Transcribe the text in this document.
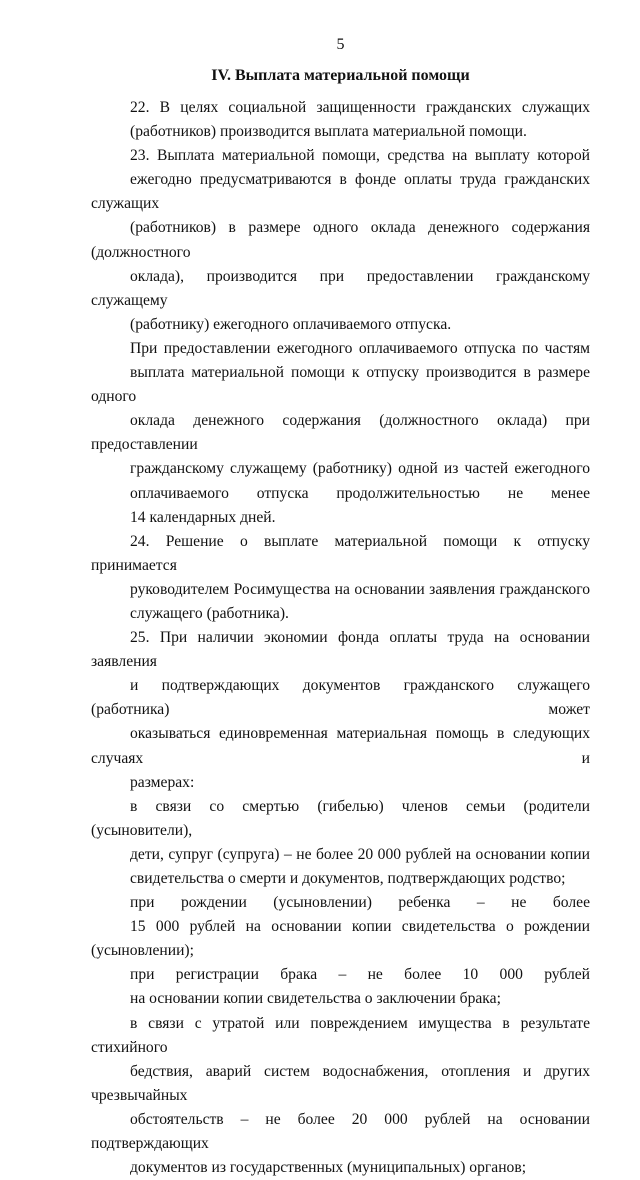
5
IV. Выплата материальной помощи
22. В целях социальной защищенности гражданских служащих
(работников) производится выплата материальной помощи.
23. Выплата материальной помощи, средства на выплату которой
ежегодно предусматриваются в фонде оплаты труда гражданских служащих
(работников) в размере одного оклада денежного содержания (должностного
оклада), производится при предоставлении гражданскому служащему
(работнику) ежегодного оплачиваемого отпуска.
При предоставлении ежегодного оплачиваемого отпуска по частям
выплата материальной помощи к отпуску производится в размере одного
оклада денежного содержания (должностного оклада) при предоставлении
гражданскому служащему (работнику) одной из частей ежегодного
оплачиваемого отпуска продолжительностью не менее
14 календарных дней.
24. Решение о выплате материальной помощи к отпуску принимается
руководителем Росимущества на основании заявления гражданского
служащего (работника).
25. При наличии экономии фонда оплаты труда на основании заявления
и подтверждающих документов гражданского служащего (работника) может
оказываться единовременная материальная помощь в следующих случаях и
размерах:
в связи со смертью (гибелью) членов семьи (родители (усыновители),
дети, супруг (супруга) – не более 20 000 рублей на основании копии
свидетельства о смерти и документов, подтверждающих родство;
при рождении (усыновлении) ребенка – не более
15 000 рублей на основании копии свидетельства о рождении (усыновлении);
при регистрации брака – не более 10 000 рублей
на основании копии свидетельства о заключении брака;
в связи с утратой или повреждением имущества в результате стихийного
бедствия, аварий систем водоснабжения, отопления и других чрезвычайных
обстоятельств – не более 20 000 рублей на основании подтверждающих
документов из государственных (муниципальных) органов;
